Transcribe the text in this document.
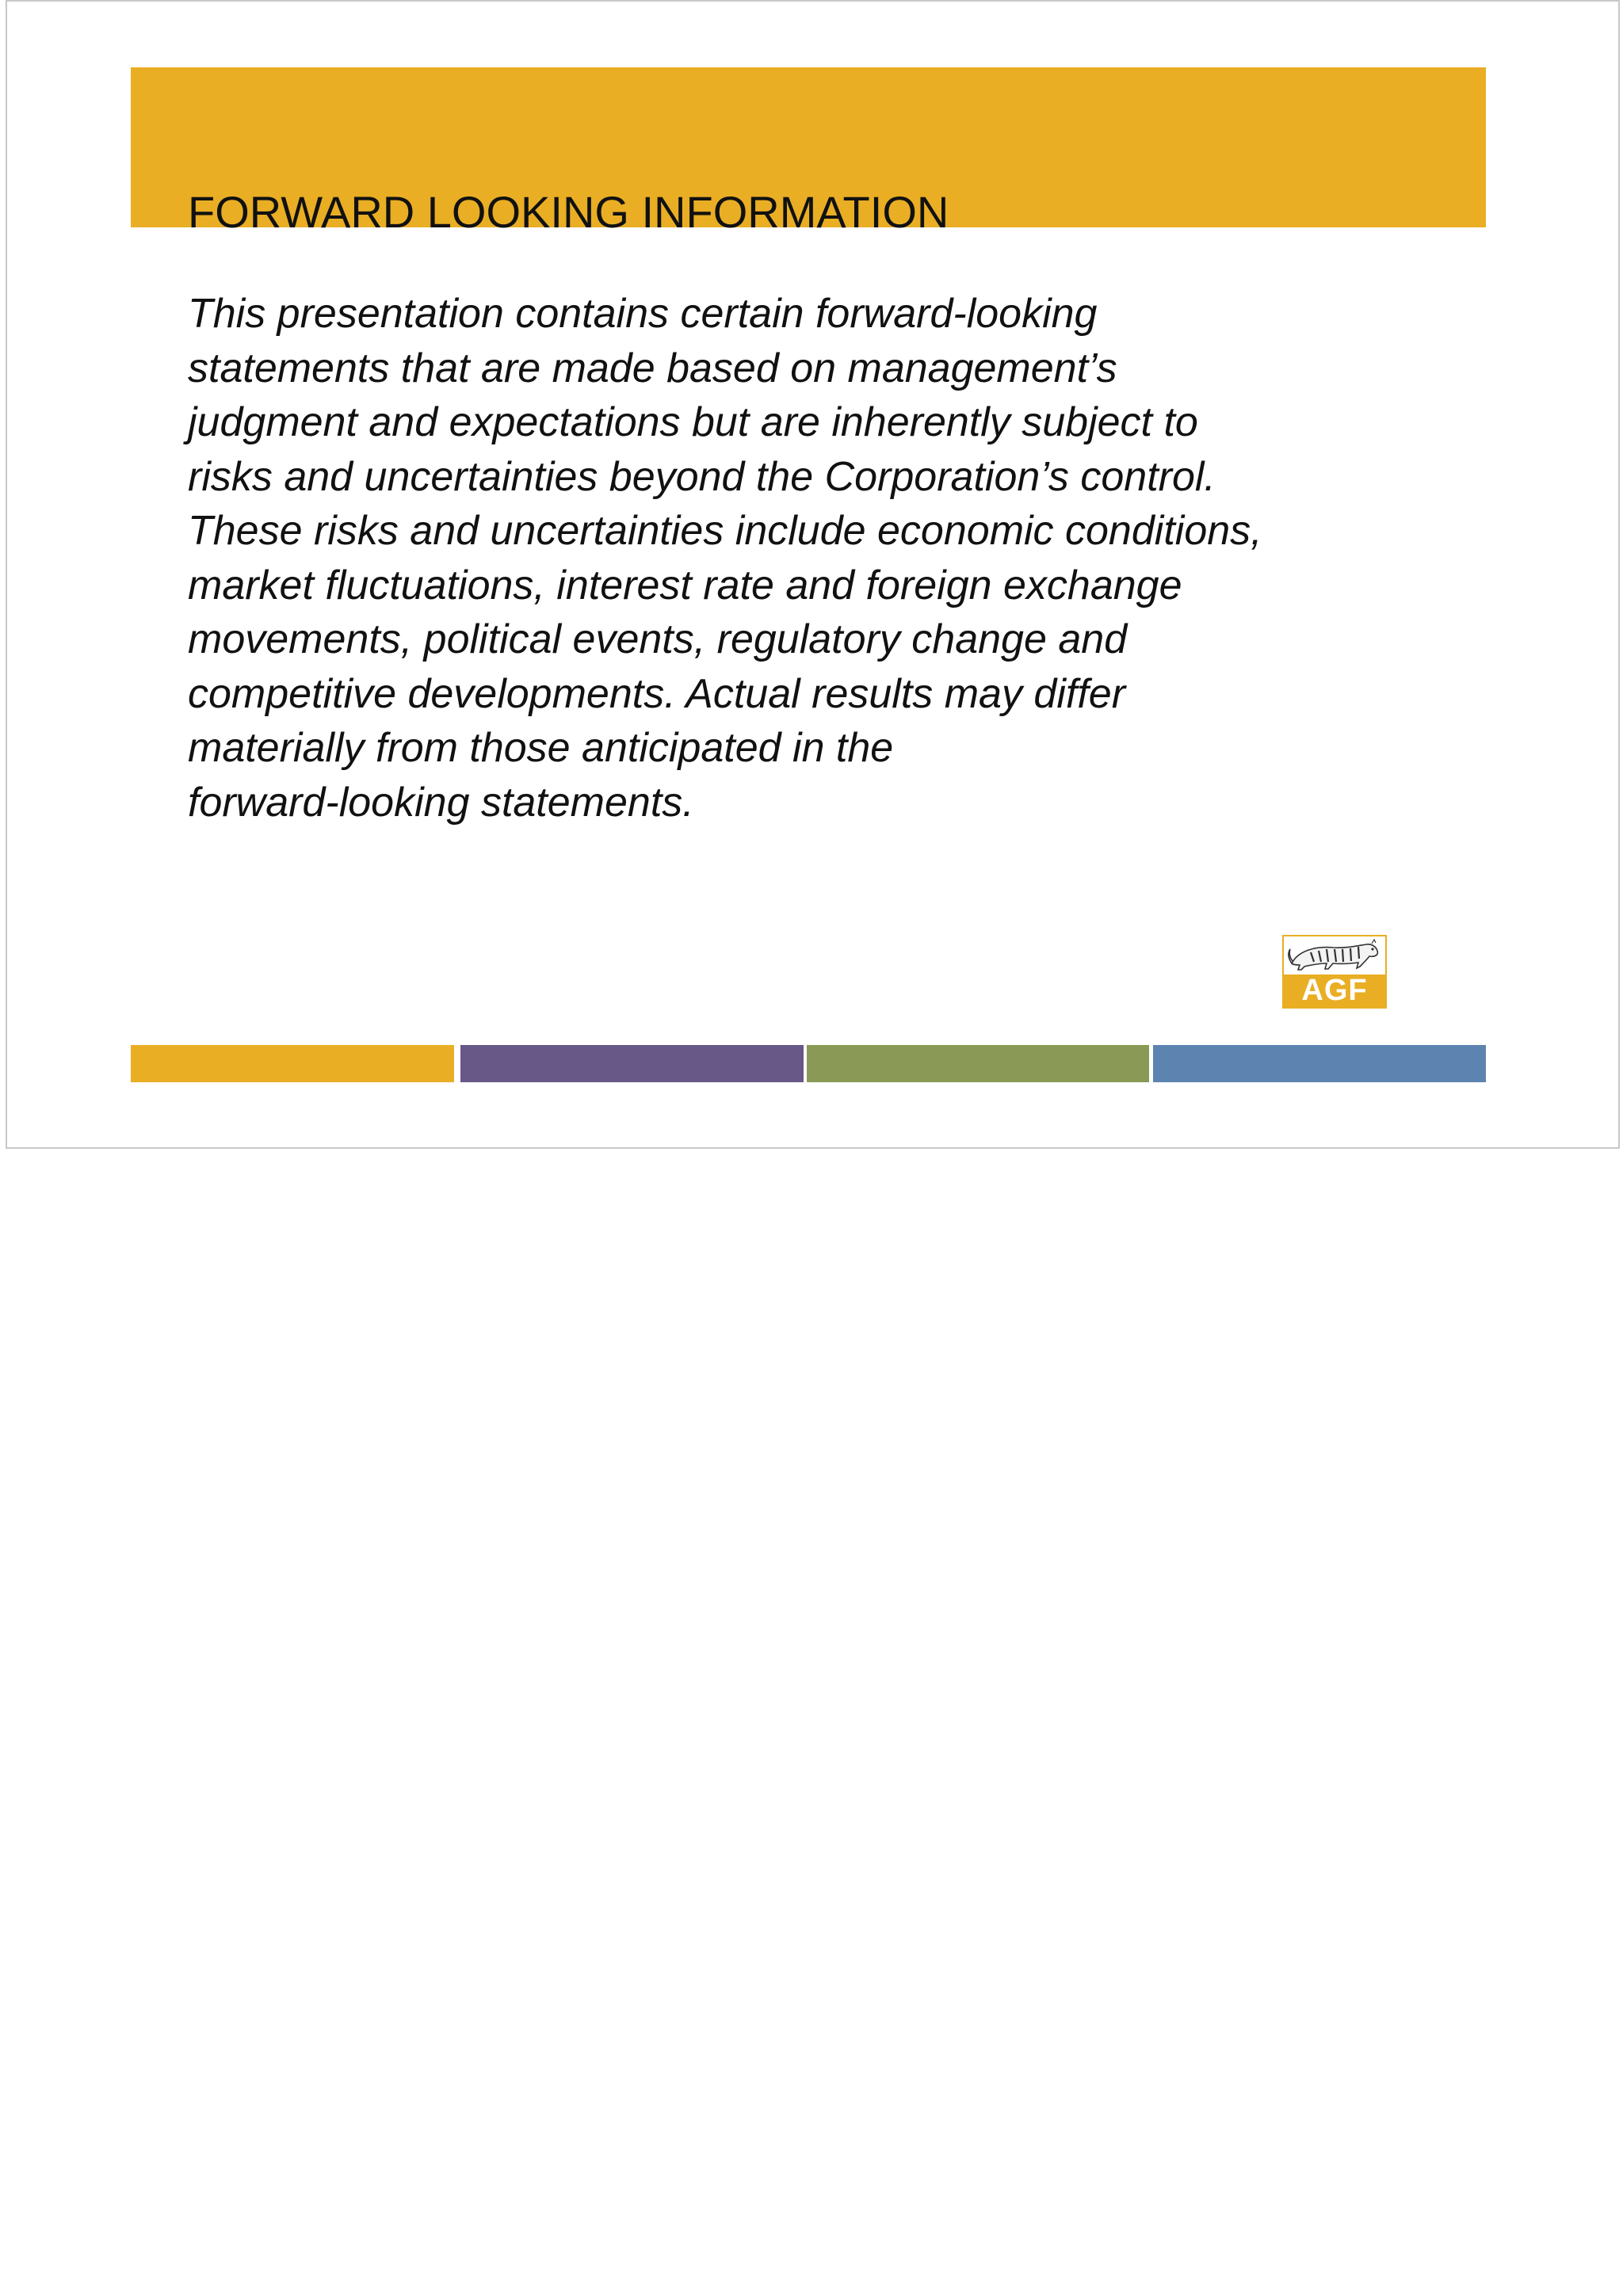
FORWARD LOOKING INFORMATION
This presentation contains certain forward-looking
statements that are made based on management’s
judgment and expectations but are inherently subject to
risks and uncertainties beyond the Corporation’s control.
These risks and uncertainties include economic conditions,
market fluctuations, interest rate and foreign exchange
movements, political events, regulatory change and
competitive developments. Actual results may differ
materially from those anticipated in the
forward-looking statements.
AGF
